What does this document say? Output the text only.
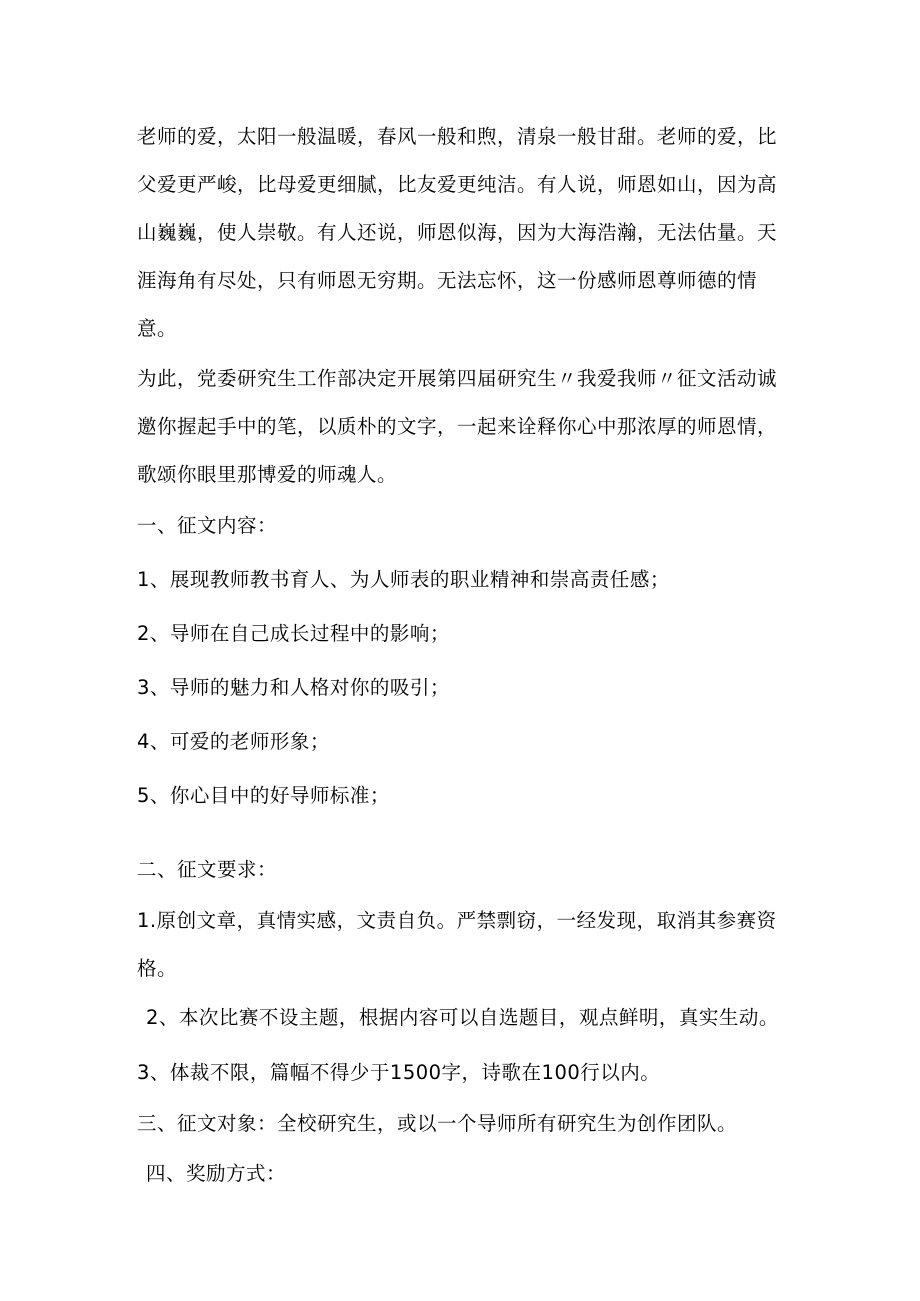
老师的爱，太阳一般温暖，春风一般和煦，清泉一般甘甜。老师的爱，比
父爱更严峻，比母爱更细腻，比友爱更纯洁。有人说，师恩如山，因为高
山巍巍，使人崇敬。有人还说，师恩似海，因为大海浩瀚，无法估量。天
涯海角有尽处，只有师恩无穷期。无法忘怀，这一份感师恩尊师德的情
意。
为此，党委研究生工作部决定开展第四届研究生〃我爱我师〃征文活动诚
邀你握起手中的笔，以质朴的文字，一起来诠释你心中那浓厚的师恩情，
歌颂你眼里那博爱的师魂人。
一、征文内容：
1、展现教师教书育人、为人师表的职业精神和崇高责任感；
2、导师在自己成长过程中的影响；
3、导师的魅力和人格对你的吸引；
4、可爱的老师形象；
5、你心目中的好导师标准；
二、征文要求：
1.原创文章，真情实感，文责自负。严禁剽窃，一经发现，取消其参赛资
格。
2、本次比赛不设主题，根据内容可以自选题目，观点鲜明，真实生动。
3、体裁不限，篇幅不得少于1500字，诗歌在100行以内。
三、征文对象：全校研究生，或以一个导师所有研究生为创作团队。
四、奖励方式：
